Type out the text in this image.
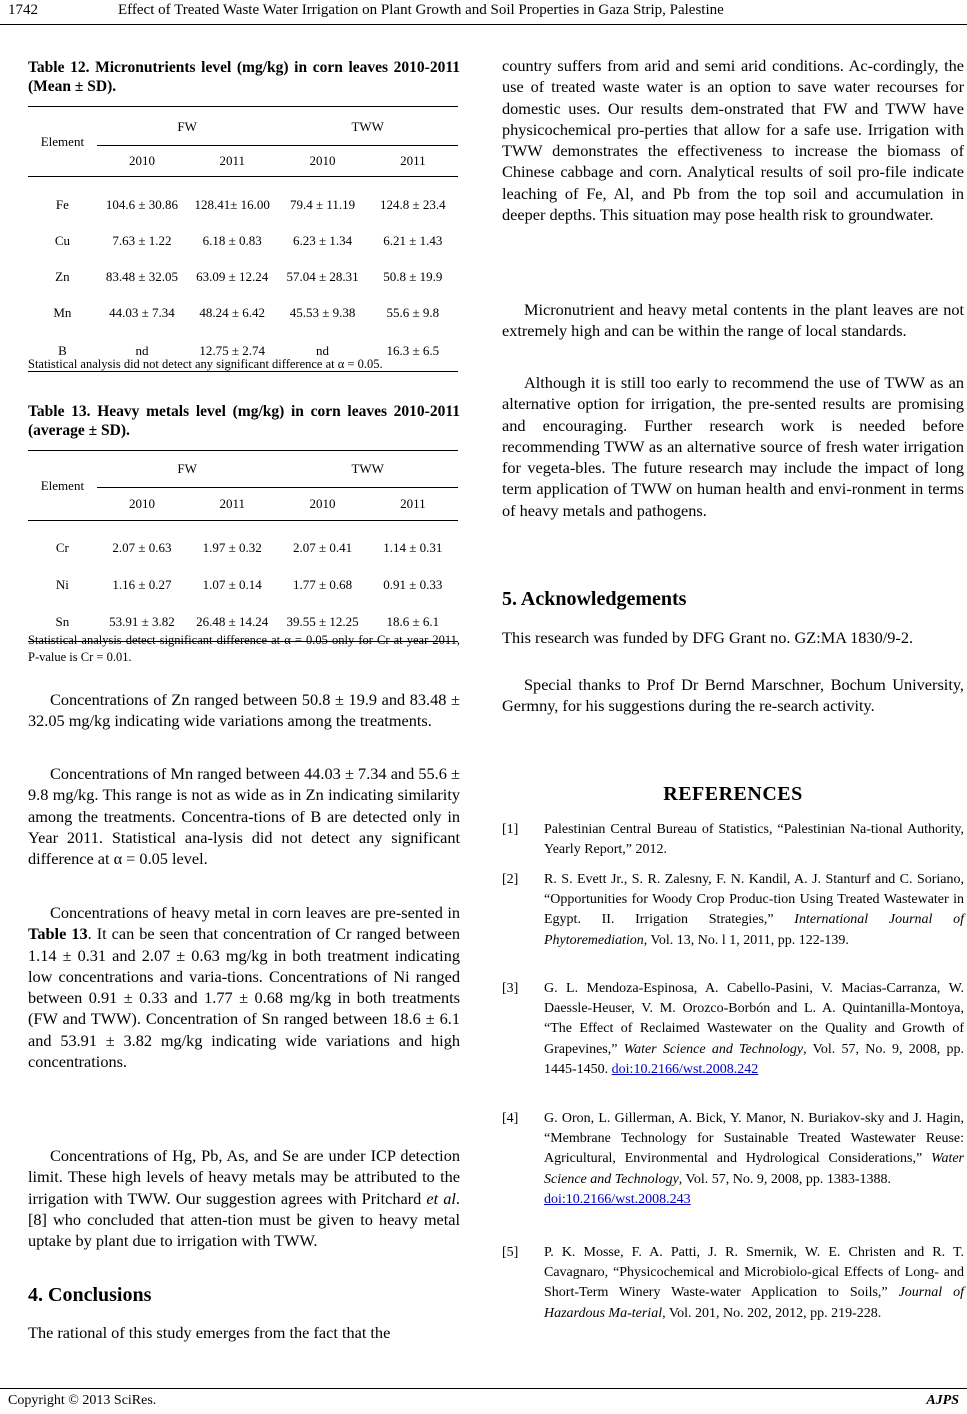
1742	Effect of Treated Waste Water Irrigation on Plant Growth and Soil Properties in Gaza Strip, Palestine
Table 12. Micronutrients level (mg/kg) in corn leaves 2010-2011 (Mean ± SD).
Element	FW		TWW	
	2010	2011	2010	2011
Fe	104.6 ± 30.86	128.41± 16.00	79.4 ± 11.19	124.8 ± 23.4
Cu	7.63 ± 1.22	6.18 ± 0.83	6.23 ± 1.34	6.21 ± 1.43
Zn	83.48 ± 32.05	63.09 ± 12.24	57.04 ± 28.31	50.8 ± 19.9
Mn	44.03 ± 7.34	48.24 ± 6.42	45.53 ± 9.38	55.6 ± 9.8
B	nd	12.75 ± 2.74	nd	16.3 ± 6.5
Statistical analysis did not detect any significant difference at α = 0.05.
Table 13. Heavy metals level (mg/kg) in corn leaves 2010-2011 (average ± SD).
Element	FW		TWW	
	2010	2011	2010	2011
Cr	2.07 ± 0.63	1.97 ± 0.32	2.07 ± 0.41	1.14 ± 0.31
Ni	1.16 ± 0.27	1.07 ± 0.14	1.77 ± 0.68	0.91 ± 0.33
Sn	53.91 ± 3.82	26.48 ± 14.24	39.55 ± 12.25	18.6 ± 6.1
Statistical analysis detect significant difference at α = 0.05 only for Cr at year 2011, P-value is Cr = 0.01.

Concentrations of Zn ranged between 50.8 ± 19.9 and 83.48 ± 32.05 mg/kg indicating wide variations among the treatments.

Concentrations of Mn ranged between 44.03 ± 7.34 and 55.6 ± 9.8 mg/kg. This range is not as wide as in Zn indicating similarity among the treatments. Concentra-tions of B are detected only in Year 2011. Statistical ana-lysis did not detect any significant difference at α = 0.05 level.

Concentrations of heavy metal in corn leaves are pre-sented in Table 13. It can be seen that concentration of Cr ranged between 1.14 ± 0.31 and 2.07 ± 0.63 mg/kg in both treatment indicating low concentrations and varia-tions. Concentrations of Ni ranged between 0.91 ± 0.33 and 1.77 ± 0.68 mg/kg in both treatments (FW and TWW). Concentration of Sn ranged between 18.6 ± 6.1 and 53.91 ± 3.82 mg/kg indicating wide variations and high concentrations.

Concentrations of Hg, Pb, As, and Se are under ICP detection limit. These high levels of heavy metals may be attributed to the irrigation with TWW. Our suggestion agrees with Pritchard et al. [8] who concluded that atten-tion must be given to heavy metal uptake by plant due to irrigation with TWW.

4. Conclusions

The rational of this study emerges from the fact that the

country suffers from arid and semi arid conditions. Ac-cordingly, the use of treated waste water is an option to save water recourses for domestic uses. Our results dem-onstrated that FW and TWW have physicochemical pro-perties that allow for a safe use. Irrigation with TWW demonstrates the effectiveness to increase the biomass of Chinese cabbage and corn. Analytical results of soil pro-file indicate leaching of Fe, Al, and Pb from the top soil and accumulation in deeper depths. This situation may pose health risk to groundwater.

Micronutrient and heavy metal contents in the plant leaves are not extremely high and can be within the range of local standards.

Although it is still too early to recommend the use of TWW as an alternative option for irrigation, the pre-sented results are promising and encouraging. Further research work is needed before recommending TWW as an alternative source of fresh water irrigation for vegeta-bles. The future research may include the impact of long term application of TWW on human health and envi-ronment in terms of heavy metals and pathogens.

5. Acknowledgements

This research was funded by DFG Grant no. GZ:MA 1830/9-2.

Special thanks to Prof Dr Bernd Marschner, Bochum University, Germny, for his suggestions during the re-search activity.

REFERENCES
[1] Palestinian Central Bureau of Statistics, “Palestinian Na-tional Authority, Yearly Report,” 2012.
[2] R. S. Evett Jr., S. R. Zalesny, F. N. Kandil, A. J. Stanturf and C. Soriano, “Opportunities for Woody Crop Produc-tion Using Treated Wastewater in Egypt. II. Irrigation Strategies,” International Journal of Phytoremediation, Vol. 13, No. l 1, 2011, pp. 122-139.
[3] G. L. Mendoza-Espinosa, A. Cabello-Pasini, V. Macias-Carranza, W. Daessle-Heuser, V. M. Orozco-Borbón and L. A. Quintanilla-Montoya, “The Effect of Reclaimed Wastewater on the Quality and Growth of Grapevines,” Water Science and Technology, Vol. 57, No. 9, 2008, pp. 1445-1450. doi:10.2166/wst.2008.242
[4] G. Oron, L. Gillerman, A. Bick, Y. Manor, N. Buriakov-sky and J. Hagin, “Membrane Technology for Sustainable Treated Wastewater Reuse: Agricultural, Environmental and Hydrological Considerations,” Water Science and Technology, Vol. 57, No. 9, 2008, pp. 1383-1388.
doi:10.2166/wst.2008.243
[5] P. K. Mosse, F. A. Patti, J. R. Smernik, W. E. Christen and R. T. Cavagnaro, “Physicochemical and Microbiolo-gical Effects of Long- and Short-Term Winery Waste-water Application to Soils,” Journal of Hazardous Ma-terial, Vol. 201, No. 202, 2012, pp. 219-228.
Copyright © 2013 SciRes.	AJPS
